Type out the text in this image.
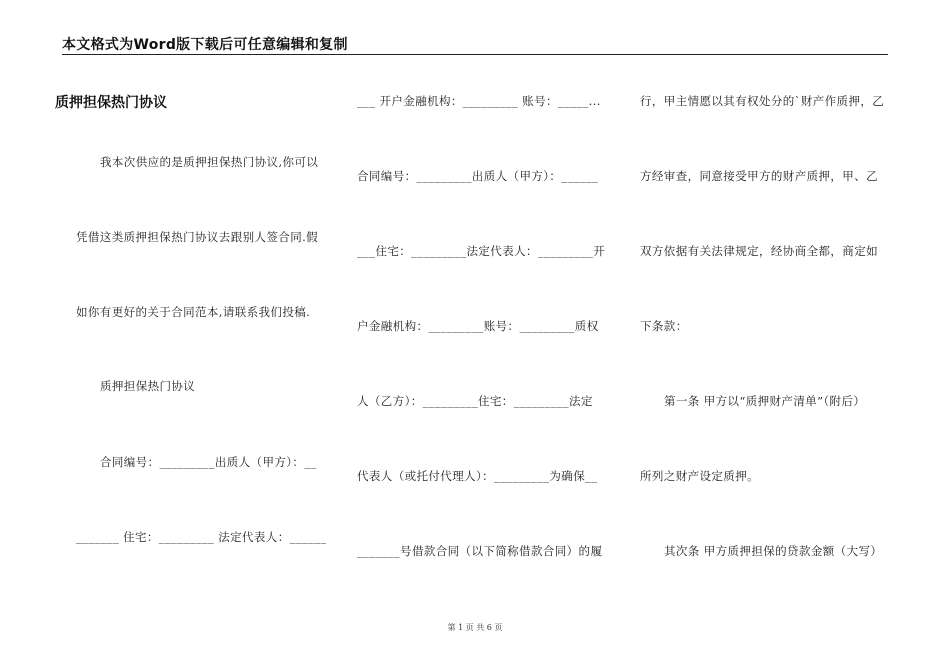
本文格式为Word版下载后可任意编辑和复制
质押担保热门协议
我本次供应的是质押担保热门协议,你可以
凭借这类质押担保热门协议去跟别人签合同.假
如你有更好的关于合同范本,请联系我们投稿.
质押担保热门协议
合同编号：_________出质人（甲方）：__
_______ 住宅：_________ 法定代表人：______
___ 开户金融机构：_________ 账号：_____...
合同编号：_________出质人（甲方）：______
___住宅：_________法定代表人：_________开
户金融机构：_________账号：_________质权
人（乙方）：_________住宅：_________法定
代表人（或托付代理人）：_________为确保__
_______号借款合同（以下简称借款合同）的履
行，甲主情愿以其有权处分的`财产作质押，乙
方经审查，同意接受甲方的财产质押，甲、乙
双方依据有关法律规定，经协商全都，商定如
下条款：
第一条 甲方以“质押财产清单”（附后）
所列之财产设定质押。
其次条 甲方质押担保的贷款金额（大写）
第 1 页 共 6 页
